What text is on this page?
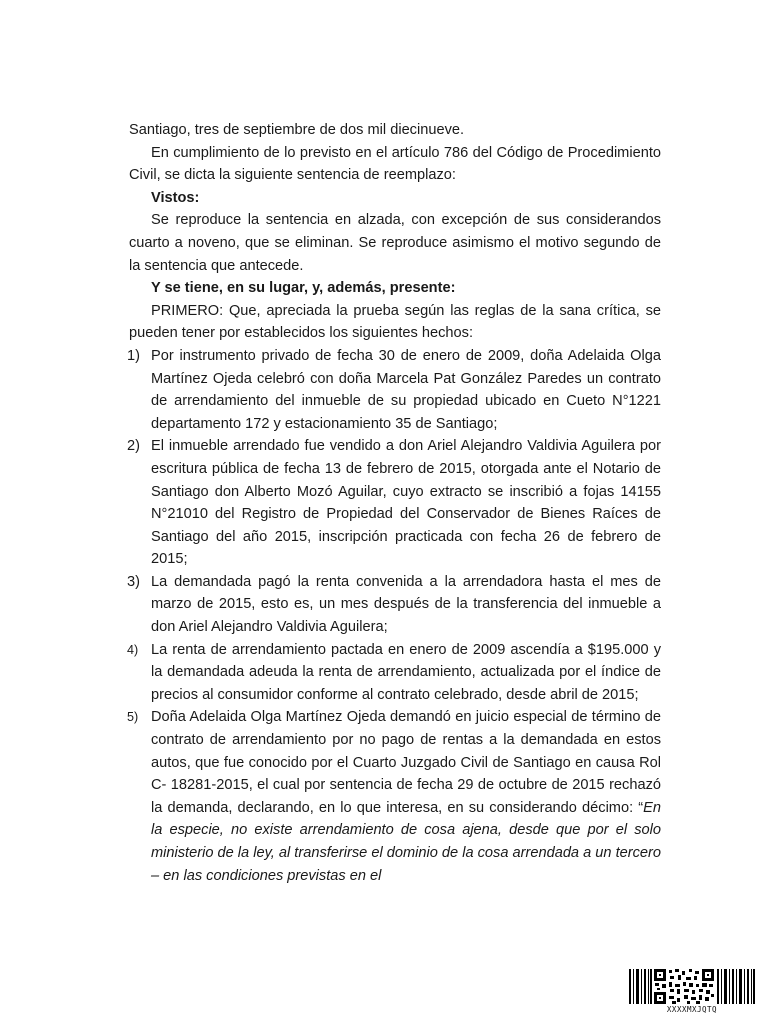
Santiago, tres de septiembre de dos mil diecinueve.

En cumplimiento de lo previsto en el artículo 786 del Código de Procedimiento Civil, se dicta la siguiente sentencia de reemplazo:

Vistos:

Se reproduce la sentencia en alzada, con excepción de sus considerandos cuarto a noveno, que se eliminan. Se reproduce asimismo el motivo segundo de la sentencia que antecede.

Y se tiene, en su lugar, y, además, presente:

PRIMERO: Que, apreciada la prueba según las reglas de la sana crítica, se pueden tener por establecidos los siguientes hechos:

1) Por instrumento privado de fecha 30 de enero de 2009, doña Adelaida Olga Martínez Ojeda celebró con doña Marcela Pat González Paredes un contrato de arrendamiento del inmueble de su propiedad ubicado en Cueto N°1221 departamento 172 y estacionamiento 35 de Santiago;
2) El inmueble arrendado fue vendido a don Ariel Alejandro Valdivia Aguilera por escritura pública de fecha 13 de febrero de 2015, otorgada ante el Notario de Santiago don Alberto Mozó Aguilar, cuyo extracto se inscribió a fojas 14155 N°21010 del Registro de Propiedad del Conservador de Bienes Raíces de Santiago del año 2015, inscripción practicada con fecha 26 de febrero de 2015;
3) La demandada pagó la renta convenida a la arrendadora hasta el mes de marzo de 2015, esto es, un mes después de la transferencia del inmueble a don Ariel Alejandro Valdivia Aguilera;
4) La renta de arrendamiento pactada en enero de 2009 ascendía a $195.000 y la demandada adeuda la renta de arrendamiento, actualizada por el índice de precios al consumidor conforme al contrato celebrado, desde abril de 2015;
5) Doña Adelaida Olga Martínez Ojeda demandó en juicio especial de término de contrato de arrendamiento por no pago de rentas a la demandada en estos autos, que fue conocido por el Cuarto Juzgado Civil de Santiago en causa Rol C- 18281-2015, el cual por sentencia de fecha 29 de octubre de 2015 rechazó la demanda, declarando, en lo que interesa, en su considerando décimo: “En la especie, no existe arrendamiento de cosa ajena, desde que por el solo ministerio de la ley, al transferirse el dominio de la cosa arrendada a un tercero – en las condiciones previstas en el
XXXXMXJQTQ
